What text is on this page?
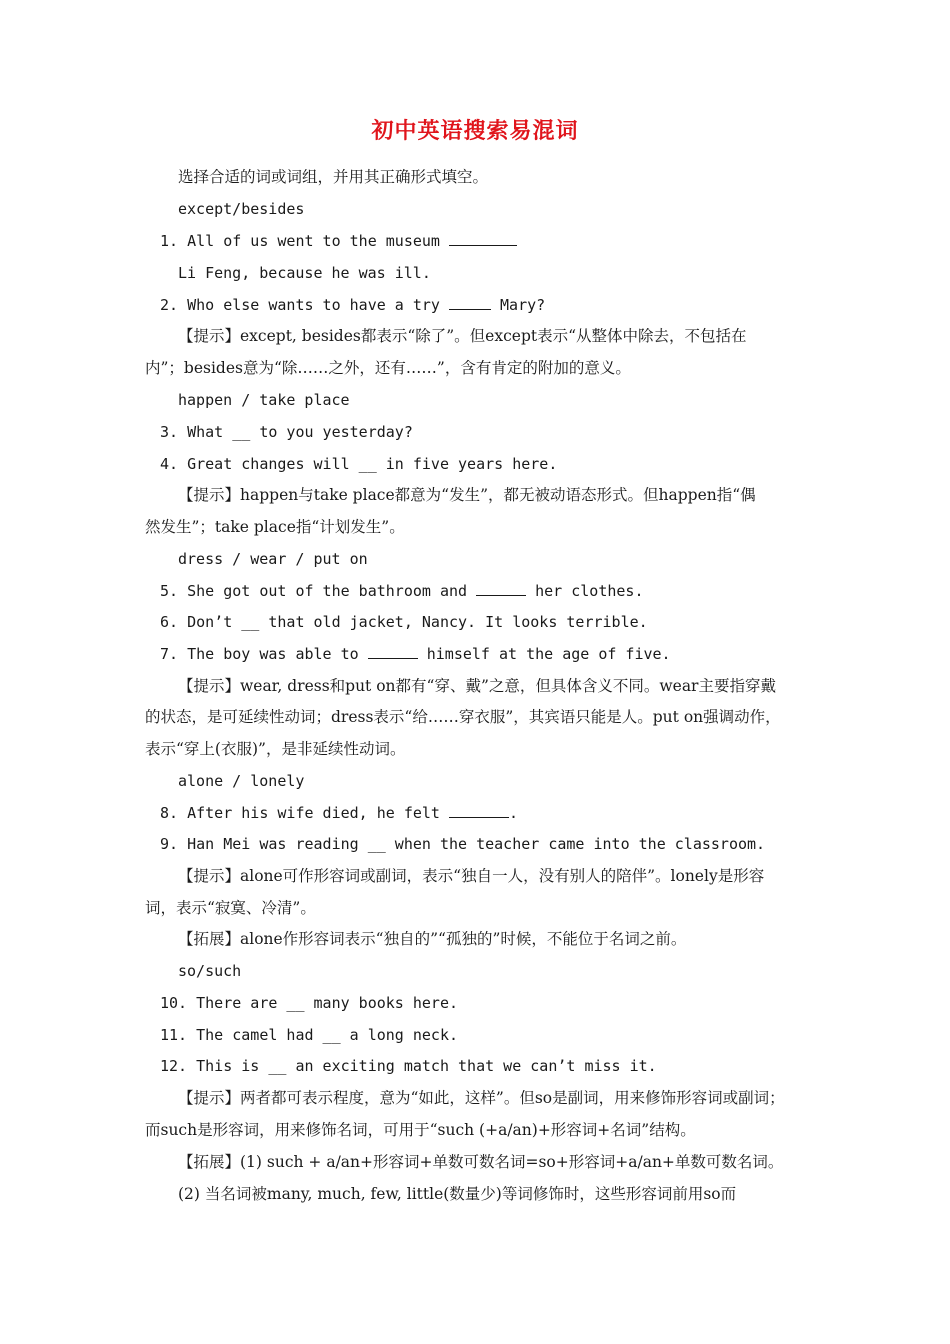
初中英语搜索易混词
选择合适的词或词组，并用其正确形式填空。
except/besides
1. All of us went to the museum
Li Feng, because he was ill.
2. Who else wants to have a try	Mary?
【提示】except, besides都表示“除了”。但except表示“从整体中除去，不包括在
内”；besides意为“除……之外，还有……”，含有肯定的附加的意义。
happen / take place
3. What __ to you yesterday?
4. Great changes will __ in five years here.
【提示】happen与take place都意为“发生”，都无被动语态形式。但happen指“偶
然发生”；take place指“计划发生”。
dress / wear / put on
5. She got out of the bathroom and	her clothes.
6. Don’t __ that old jacket, Nancy. It looks terrible.
7. The boy was able to	himself at the age of five.
【提示】wear, dress和put on都有“穿、戴”之意，但具体含义不同。wear主要指穿戴
的状态，是可延续性动词；dress表示“给……穿衣服”，其宾语只能是人。put on强调动作，
表示“穿上(衣服)”，是非延续性动词。
alone / lonely
8. After his wife died, he felt	.
9. Han Mei was reading __ when the teacher came into the classroom.
【提示】alone可作形容词或副词，表示“独自一人，没有别人的陪伴”。lonely是形容
词，表示“寂寞、冷清”。
【拓展】alone作形容词表示“独自的”“孤独的”时候，不能位于名词之前。
so/such
10. There are __ many books here.
11. The camel had __ a long neck.
12. This is __ an exciting match that we can’t miss it.
【提示】两者都可表示程度，意为“如此，这样”。但so是副词，用来修饰形容词或副词；
而such是形容词，用来修饰名词，可用于“such (+a/an)+形容词+名词”结构。
【拓展】(1) such + a/an+形容词+单数可数名词=so+形容词+a/an+单数可数名词。
(2) 当名词被many, much, few, little(数量少)等词修饰时，这些形容词前用so而
